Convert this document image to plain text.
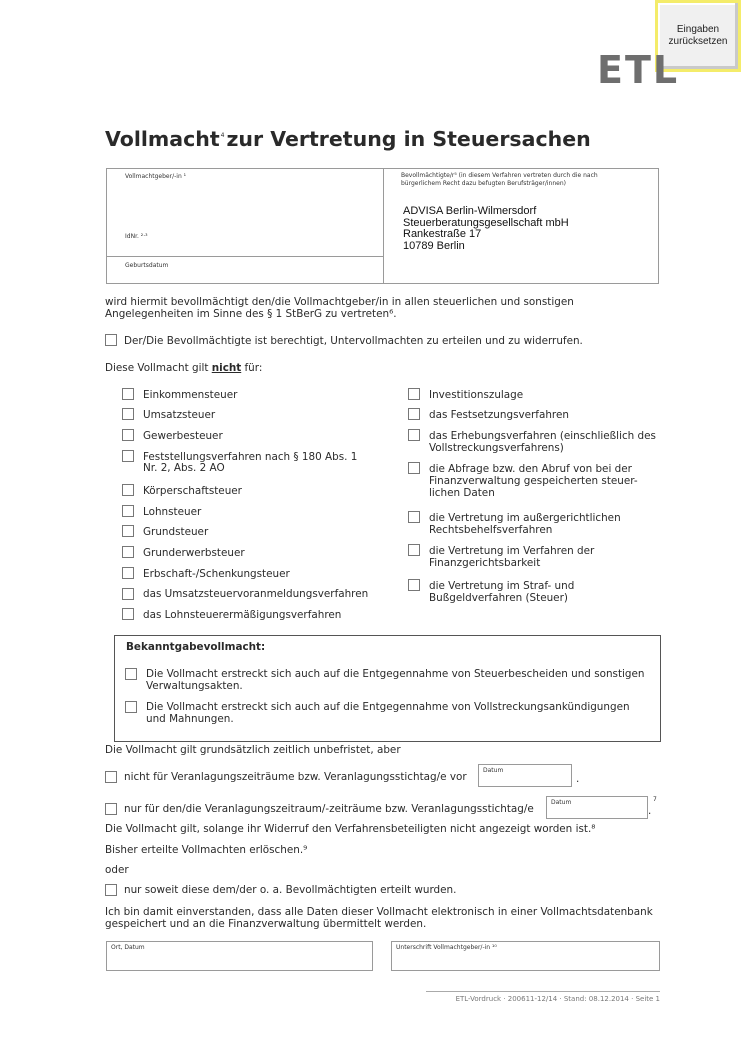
Eingaben
zurücksetzen
ETL
Vollmacht$^4$zur Vertretung in Steuersachen
Vollmachtgeber/-in ¹
IdNr. ²·³
Geburtsdatum
Bevollmächtigte/r⁵ (in diesem Verfahren vertreten durch die nach
bürgerlichem Recht dazu befugten Berufsträger/innen)
ADVISA Berlin-Wilmersdorf
Steuerberatungsgesellschaft mbH
Rankestraße 17
10789 Berlin
wird hiermit bevollmächtigt den/die Vollmachtgeber/in in allen steuerlichen und sonstigen
Angelegenheiten im Sinne des § 1 StBerG zu vertreten⁶.
Der/Die Bevollmächtigte ist berechtigt, Untervollmachten zu erteilen und zu widerrufen.
Diese Vollmacht gilt nicht für:
Einkommensteuer
Umsatzsteuer
Gewerbesteuer
Feststellungsverfahren nach § 180 Abs. 1
Nr. 2, Abs. 2 AO
Körperschaftsteuer
Lohnsteuer
Grundsteuer
Grunderwerbsteuer
Erbschaft-/Schenkungsteuer
das Umsatzsteuervoranmeldungsverfahren
das Lohnsteuerermäßigungsverfahren
Investitionszulage
das Festsetzungsverfahren
das Erhebungsverfahren (einschließlich des
Vollstreckungsverfahrens)
die Abfrage bzw. den Abruf von bei der
Finanzverwaltung gespeicherten steuer-
lichen Daten
die Vertretung im außergerichtlichen
Rechtsbehelfsverfahren
die Vertretung im Verfahren der
Finanzgerichtsbarkeit
die Vertretung im Straf- und
Bußgeldverfahren (Steuer)
Bekanntgabevollmacht:
Die Vollmacht erstreckt sich auch auf die Entgegennahme von Steuerbescheiden und sonstigen
Verwaltungsakten.
Die Vollmacht erstreckt sich auch auf die Entgegennahme von Vollstreckungsankündigungen
und Mahnungen.
Die Vollmacht gilt grundsätzlich zeitlich unbefristet, aber
nicht für Veranlagungszeiträume bzw. Veranlagungsstichtag/e vor
Datum
.
nur für den/die Veranlagungszeitraum/-zeiträume bzw. Veranlagungsstichtag/e
Datum
.
7
Die Vollmacht gilt, solange ihr Widerruf den Verfahrensbeteiligten nicht angezeigt worden ist.⁸
Bisher erteilte Vollmachten erlöschen.⁹
oder
nur soweit diese dem/der o. a. Bevollmächtigten erteilt wurden.
Ich bin damit einverstanden, dass alle Daten dieser Vollmacht elektronisch in einer Vollmachtsdatenbank
gespeichert und an die Finanzverwaltung übermittelt werden.
Ort, Datum	Unterschrift Vollmachtgeber/-in ¹⁰
ETL-Vordruck · 200611-12/14 · Stand: 08.12.2014 · Seite 1
